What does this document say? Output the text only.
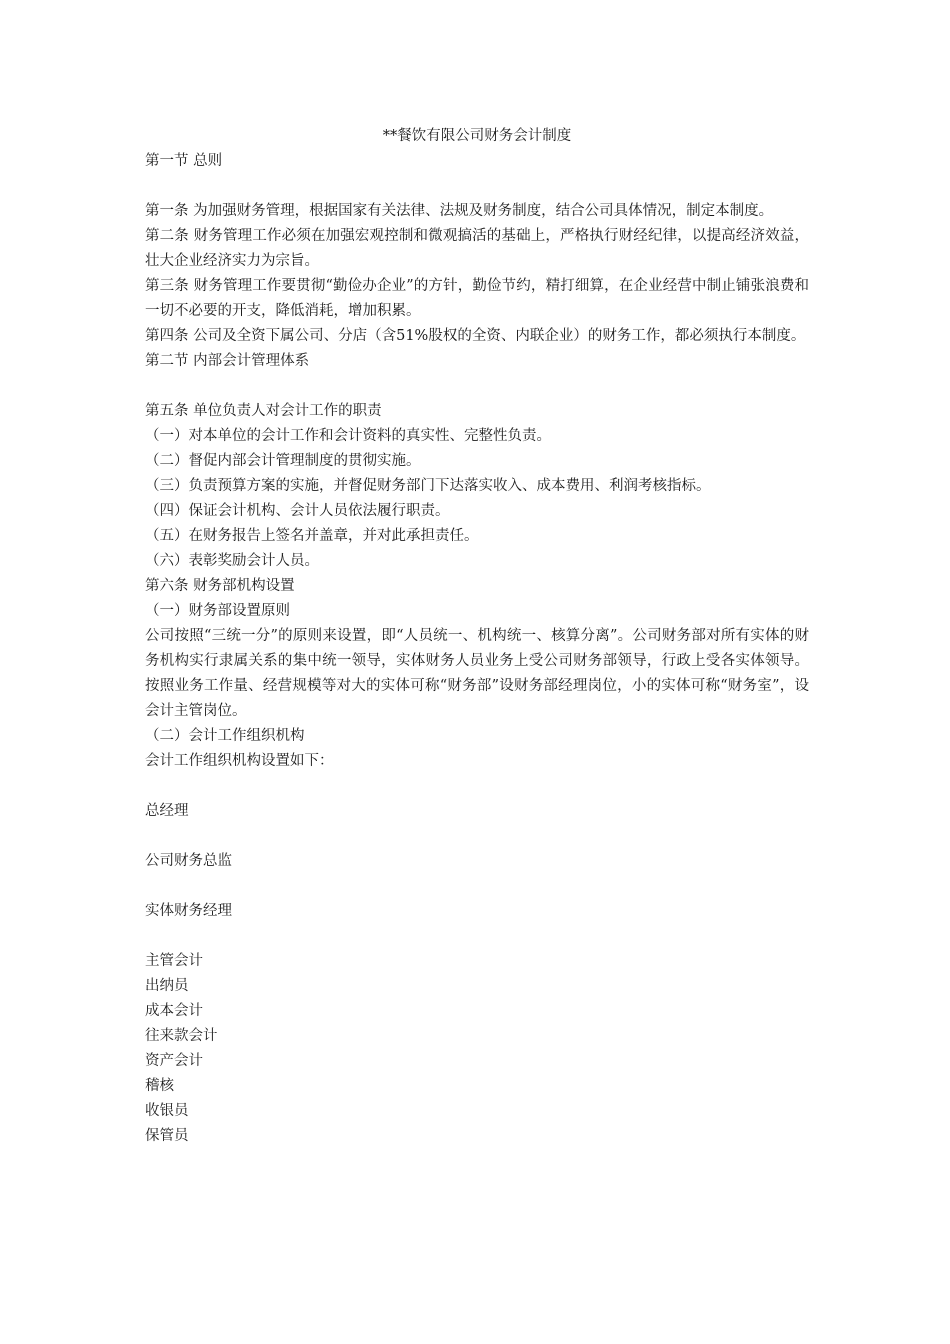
**餐饮有限公司财务会计制度

第一节 总则

第一条 为加强财务管理，根据国家有关法律、法规及财务制度，结合公司具体情况，制定本制度。

第二条 财务管理工作必须在加强宏观控制和微观搞活的基础上，严格执行财经纪律，以提高经济效益，壮大企业经济实力为宗旨。

第三条 财务管理工作要贯彻“勤俭办企业”的方针，勤俭节约，精打细算，在企业经营中制止铺张浪费和一切不必要的开支，降低消耗，增加积累。

第四条 公司及全资下属公司、分店（含51%股权的全资、内联企业）的财务工作，都必须执行本制度。

第二节 内部会计管理体系

第五条 单位负责人对会计工作的职责

（一）对本单位的会计工作和会计资料的真实性、完整性负责。

（二）督促内部会计管理制度的贯彻实施。

（三）负责预算方案的实施，并督促财务部门下达落实收入、成本费用、利润考核指标。

（四）保证会计机构、会计人员依法履行职责。

（五）在财务报告上签名并盖章，并对此承担责任。

（六）表彰奖励会计人员。

第六条 财务部机构设置

（一）财务部设置原则

公司按照“三统一分”的原则来设置，即“人员统一、机构统一、核算分离”。公司财务部对所有实体的财务机构实行隶属关系的集中统一领导，实体财务人员业务上受公司财务部领导，行政上受各实体领导。按照业务工作量、经营规模等对大的实体可称“财务部”设财务部经理岗位，小的实体可称“财务室”，设会计主管岗位。

（二）会计工作组织机构

会计工作组织机构设置如下：

总经理

公司财务总监

实体财务经理

主管会计

出纳员

成本会计

往来款会计

资产会计

稽核

收银员

保管员
